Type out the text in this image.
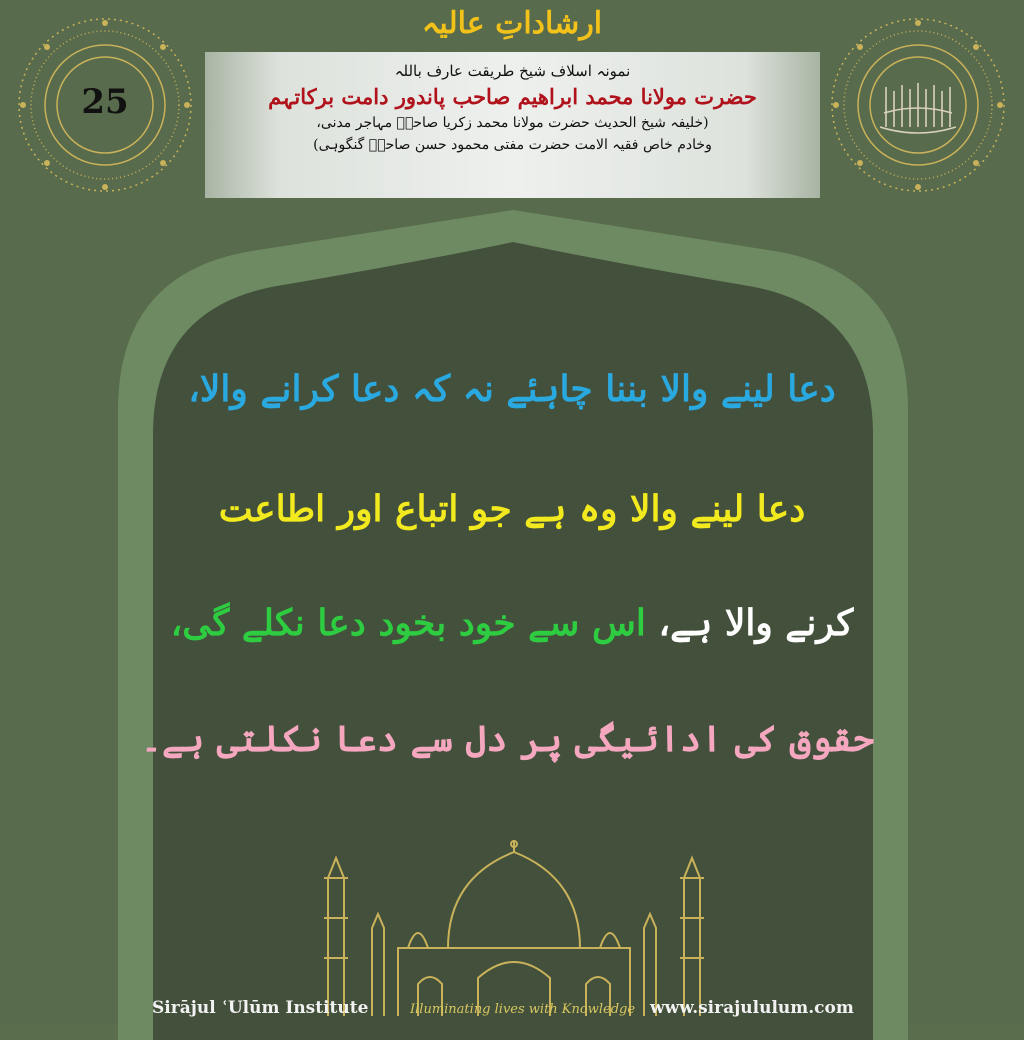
25
ارشاداتِ عالیہ
نمونہ اسلاف شیخ طریقت عارف باللہ
حضرت مولانا محمد ابراھیم صاحب پاندور دامت برکاتہم
(خلیفہ شیخ الحدیث حضرت مولانا محمد زکریا صاحبؒ مہاجر مدنی،
وخادم خاص فقیہ الامت حضرت مفتی محمود حسن صاحبؒ گنگوہی)
دعا لینے والا بننا چاہئے نہ کہ دعا کرانے والا،
دعا لینے والا وہ ہے جو اتباع اور اطاعت
کرنے والا ہے، اس سے خود بخود دعا نکلے گی،
حقوق کی ادائیگی پر دل سے دعا نکلتی ہے۔
Sirājul ʿUlūm Institute	Illuminating lives with Knowledge www.sirajululum.com
